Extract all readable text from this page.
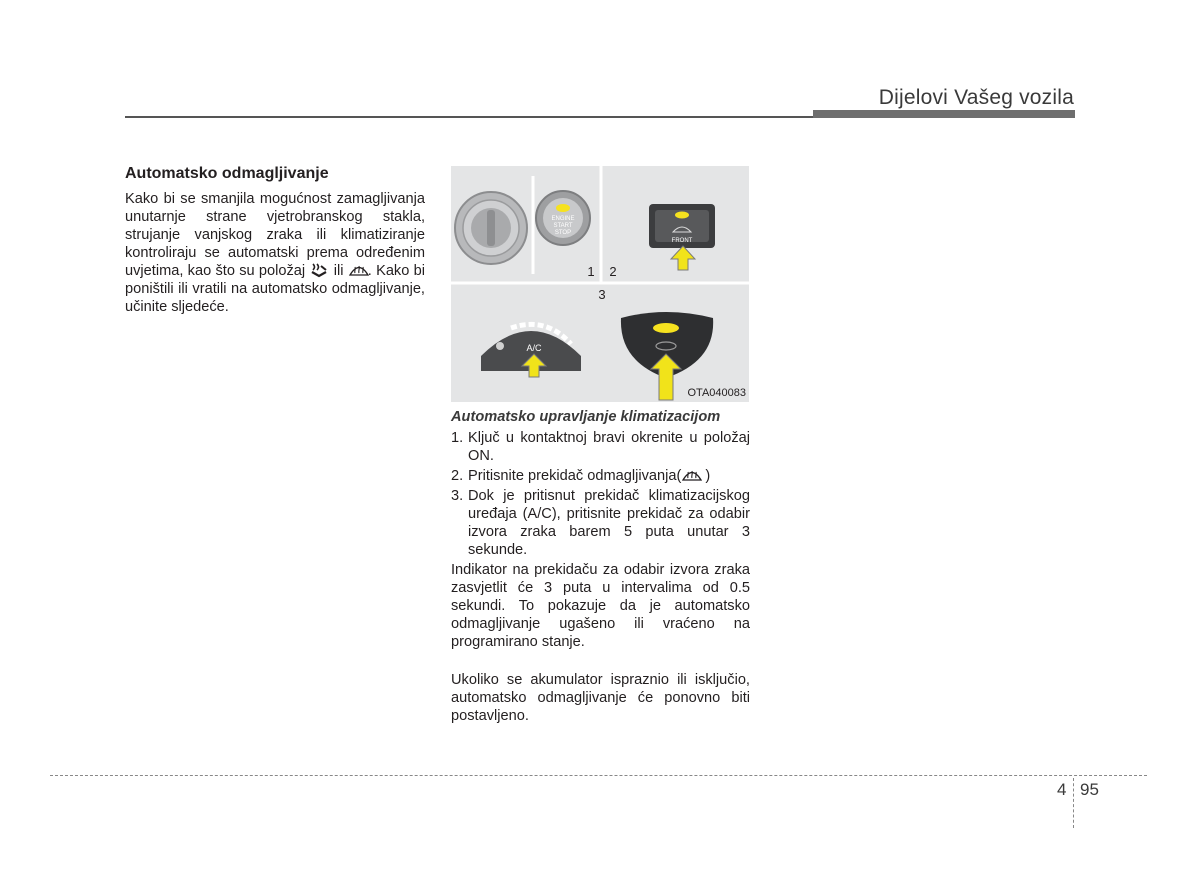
Dijelovi Vašeg vozila

Automatsko odmagljivanje

Kako bi se smanjila mogućnost zamagljivanja unutarnje strane vjetrobranskog stakla, strujanje vanjskog zraka ili klimatiziranje kontroliraju se automatski prema određenim uvjetima, kao što su položaj ili . Kako bi poništili ili vratili na automatsko odmagljivanje, učinite sljedeće.

ENGINE
START
STOP
FRONT
1 2
3
A/C
OTA040083

Automatsko upravljanje klimatizacijom

1. Ključ u kontaktnoj bravi okrenite u položaj ON.
2. Pritisnite prekidač odmagljivanja( )
3. Dok je pritisnut prekidač klimatizacijskog uređaja (A/C), pritisnite prekidač za odabir izvora zraka barem 5 puta unutar 3 sekunde.

Indikator na prekidaču za odabir izvora zraka zasvjetlit će 3 puta u intervalima od 0.5 sekundi. To pokazuje da je automatsko odmagljivanje ugašeno ili vraćeno na programirano stanje.

Ukoliko se akumulator ispraznio ili isključio, automatsko odmagljivanje će ponovno biti postavljeno.

4 95
